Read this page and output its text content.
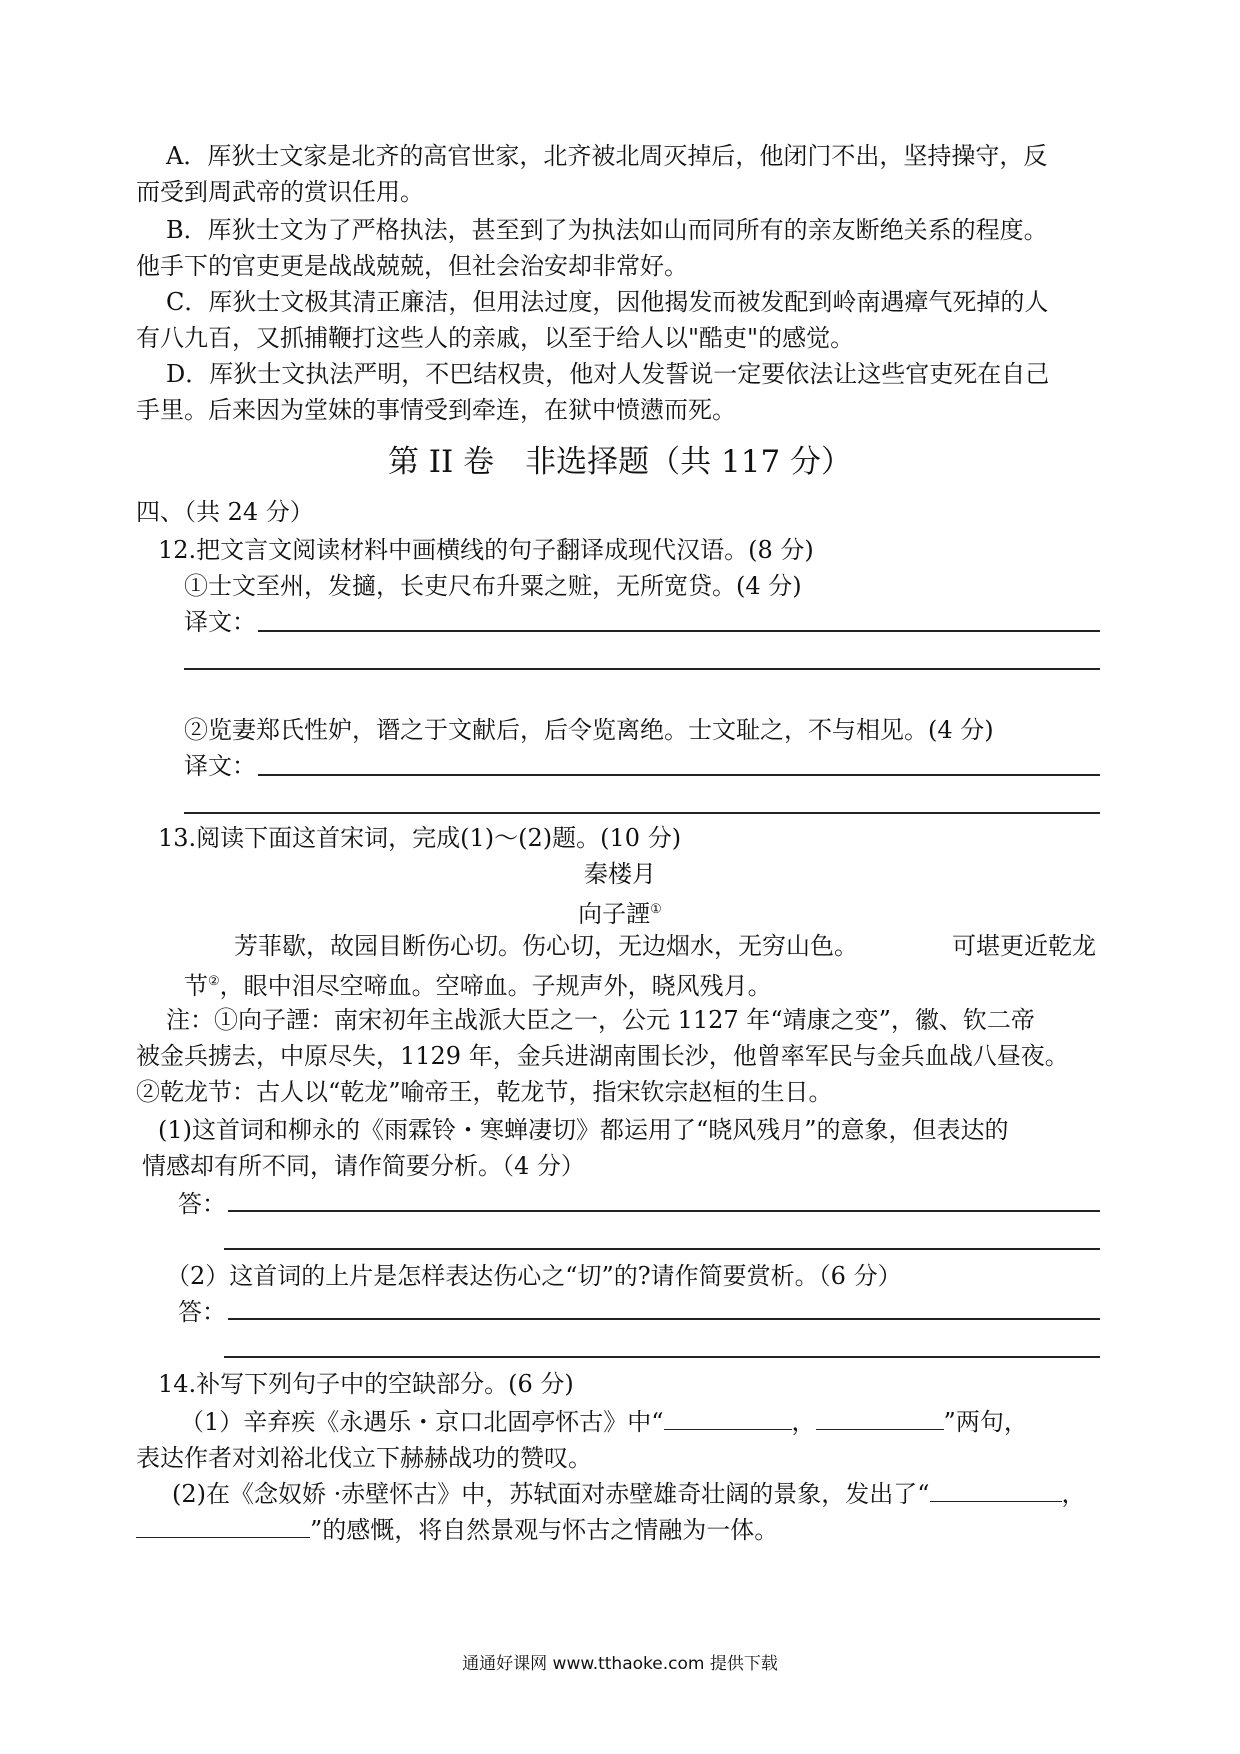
A．厍狄士文家是北齐的高官世家，北齐被北周灭掉后，他闭门不出，坚持操守，反
而受到周武帝的赏识任用。
B．厍狄士文为了严格执法，甚至到了为执法如山而同所有的亲友断绝关系的程度。
他手下的官吏更是战战兢兢，但社会治安却非常好。
C．厍狄士文极其清正廉洁，但用法过度，因他揭发而被发配到岭南遇瘴气死掉的人
有八九百，又抓捕鞭打这些人的亲戚，以至于给人以"酷吏"的感觉。
D．厍狄士文执法严明，不巴结权贵，他对人发誓说一定要依法让这些官吏死在自己
手里。后来因为堂妹的事情受到牵连，在狱中愤懑而死。
第 II 卷　非选择题（共 117 分）
四、（共 24 分）
12.把文言文阅读材料中画横线的句子翻译成现代汉语。(8 分)
①士文至州，发擿，长吏尺布升粟之赃，无所宽贷。(4 分)
译文：
②览妻郑氏性妒，谮之于文献后，后令览离绝。士文耻之，不与相见。(4 分)
译文：
13.阅读下面这首宋词，完成(1)～(2)题。(10 分)
秦楼月
向子諲①
芳菲歇，故园目断伤心切。伤心切，无边烟水，无穷山色。	可堪更近乾龙
节②，眼中泪尽空啼血。空啼血。子规声外，晓风残月。
注：①向子諲：南宋初年主战派大臣之一，公元 1127 年“靖康之变”，徽、钦二帝
被金兵掳去，中原尽失，1129 年，金兵进湖南围长沙，他曾率军民与金兵血战八昼夜。
②乾龙节：古人以“乾龙”喻帝王，乾龙节，指宋钦宗赵桓的生日。
(1)这首词和柳永的《雨霖铃・寒蝉凄切》都运用了“晓风残月”的意象，但表达的
情感却有所不同，请作简要分析。（4 分）
答：
（2）这首词的上片是怎样表达伤心之“切”的?请作简要赏析。（6 分）
答：
14.补写下列句子中的空缺部分。(6 分)
（1）辛弃疾《永遇乐・京口北固亭怀古》中“	，	”两句，
表达作者对刘裕北伐立下赫赫战功的赞叹。
(2)在《念奴娇 ·赤壁怀古》中，苏轼面对赤壁雄奇壮阔的景象，发出了“	，
”的感慨，将自然景观与怀古之情融为一体。
通通好课网 www.tthaoke.com 提供下载
